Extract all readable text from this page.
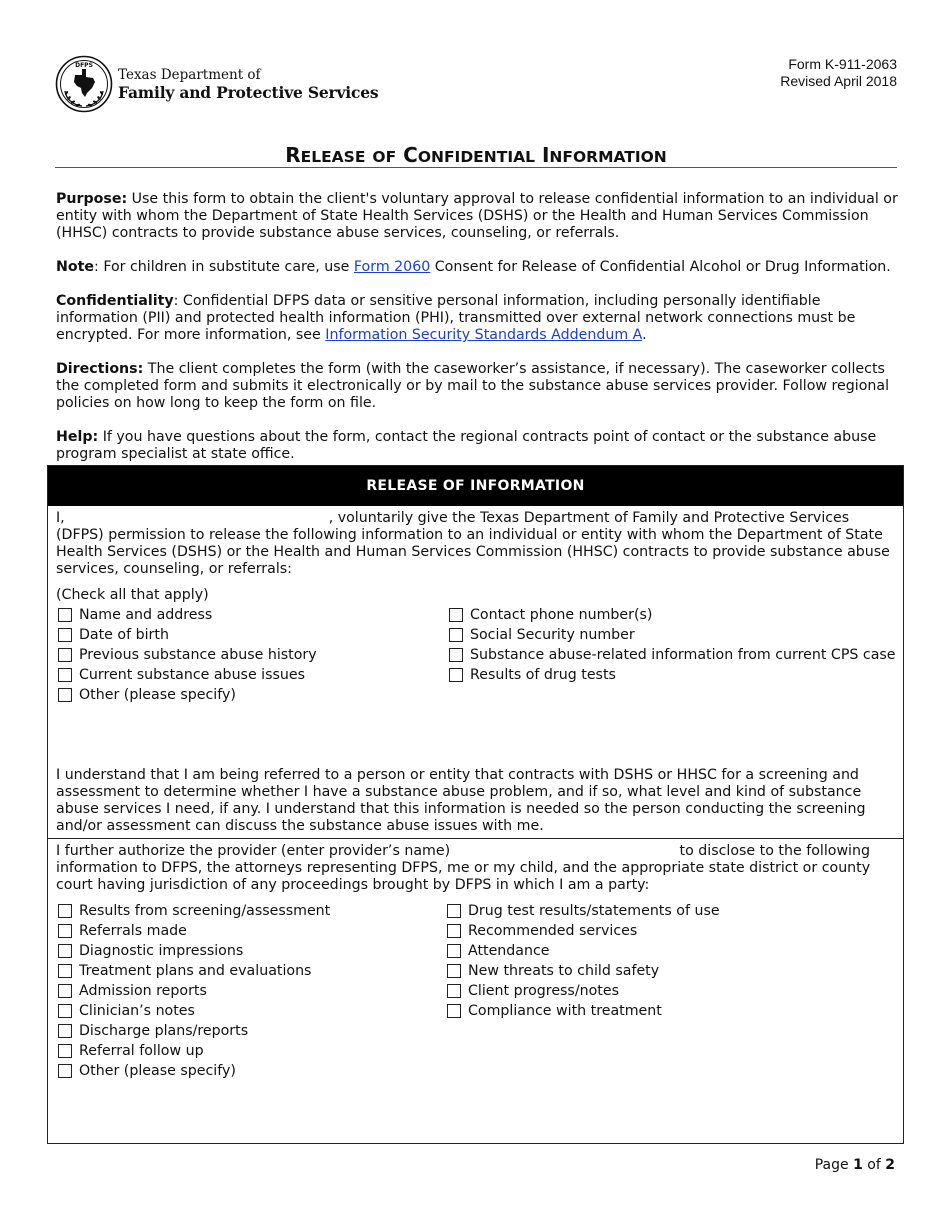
DFPS
Texas Department of
Family and Protective Services
Form K-911-2063
Revised April 2018
RELEASE OF CONFIDENTIAL INFORMATION
Purpose: Use this form to obtain the client's voluntary approval to release confidential information to an individual or entity with whom the Department of State Health Services (DSHS) or the Health and Human Services Commission (HHSC) contracts to provide substance abuse services, counseling, or referrals.
Note: For children in substitute care, use Form 2060 Consent for Release of Confidential Alcohol or Drug Information.
Confidentiality: Confidential DFPS data or sensitive personal information, including personally identifiable information (PII) and protected health information (PHI), transmitted over external network connections must be encrypted. For more information, see Information Security Standards Addendum A.
Directions: The client completes the form (with the caseworker’s assistance, if necessary). The caseworker collects the completed form and submits it electronically or by mail to the substance abuse services provider. Follow regional policies on how long to keep the form on file.
Help: If you have questions about the form, contact the regional contracts point of contact or the substance abuse program specialist at state office.
RELEASE OF INFORMATION
I,	, voluntarily give the Texas Department of Family and Protective Services (DFPS) permission to release the following information to an individual or entity with whom the Department of State Health Services (DSHS) or the Health and Human Services Commission (HHSC) contracts to provide substance abuse services, counseling, or referrals:
(Check all that apply)
Name and address
Date of birth
Previous substance abuse history
Current substance abuse issues
Other (please specify)
Contact phone number(s)
Social Security number
Substance abuse-related information from current CPS case
Results of drug tests
I understand that I am being referred to a person or entity that contracts with DSHS or HHSC for a screening and assessment to determine whether I have a substance abuse problem, and if so, what level and kind of substance abuse services I need, if any. I understand that this information is needed so the person conducting the screening and/or assessment can discuss the substance abuse issues with me.
I further authorize the provider (enter provider’s name)	to disclose to the following
information to DFPS, the attorneys representing DFPS, me or my child, and the appropriate state district or county court having jurisdiction of any proceedings brought by DFPS in which I am a party:
Results from screening/assessment
Referrals made
Diagnostic impressions
Treatment plans and evaluations
Admission reports
Clinician’s notes
Discharge plans/reports
Referral follow up
Other (please specify)
Drug test results/statements of use
Recommended services
Attendance
New threats to child safety
Client progress/notes
Compliance with treatment
Page 1 of 2
